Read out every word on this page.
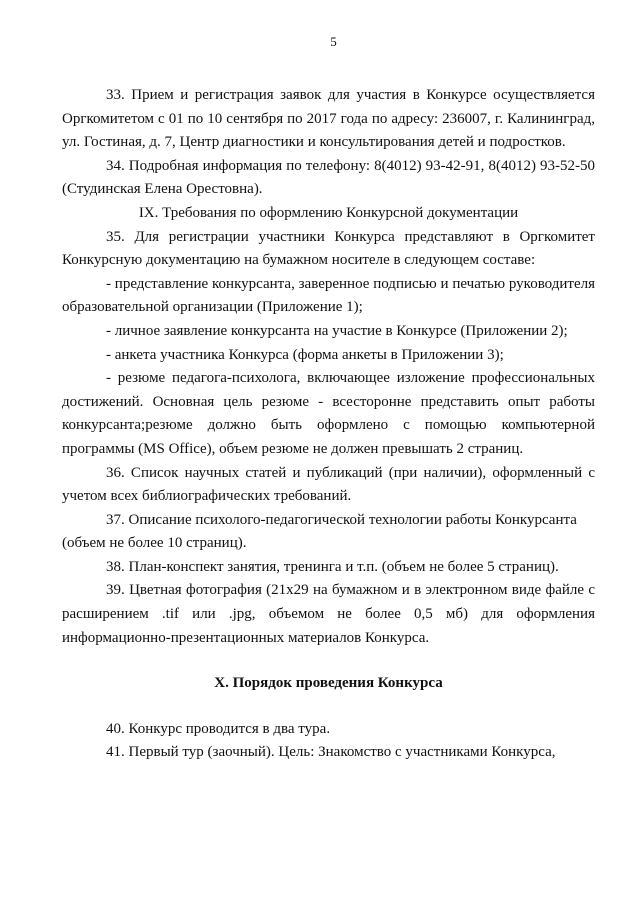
5

33. Прием и регистрация заявок для участия в Конкурсе осуществляется Оргкомитетом с 01 по 10 сентября по 2017 года по адресу: 236007, г. Калининград, ул. Гостиная, д. 7, Центр диагностики и консультирования детей и подростков.

34. Подробная информация по телефону: 8(4012) 93-42-91, 8(4012) 93-52-50 (Студинская Елена Орестовна).

IX. Требования по оформлению Конкурсной документации

35. Для регистрации участники Конкурса представляют в Оргкомитет Конкурсную документацию на бумажном носителе в следующем составе:

- представление конкурсанта, заверенное подписью и печатью руководителя образовательной организации (Приложение 1);

- личное заявление конкурсанта на участие в Конкурсе (Приложении 2);

- анкета участника Конкурса (форма анкеты в Приложении 3);

- резюме педагога-психолога, включающее изложение профессиональных достижений. Основная цель резюме - всесторонне представить опыт работы конкурсанта;резюме должно быть оформлено с помощью компьютерной программы (MS Office), объем резюме не должен превышать 2 страниц.

36. Список научных статей и публикаций (при наличии), оформленный с учетом всех библиографических требований.

37. Описание психолого-педагогической технологии работы Конкурсанта (объем не более 10 страниц).

38. План-конспект занятия, тренинга и т.п. (объем не более 5 страниц).

39. Цветная фотография (21x29 на бумажном и в электронном виде файле с расширением .tif или .jpg, объемом не более 0,5 мб) для оформления информационно-презентационных материалов Конкурса.

X. Порядок проведения Конкурса

40. Конкурс проводится в два тура.

41. Первый тур (заочный). Цель: Знакомство с участниками Конкурса,
